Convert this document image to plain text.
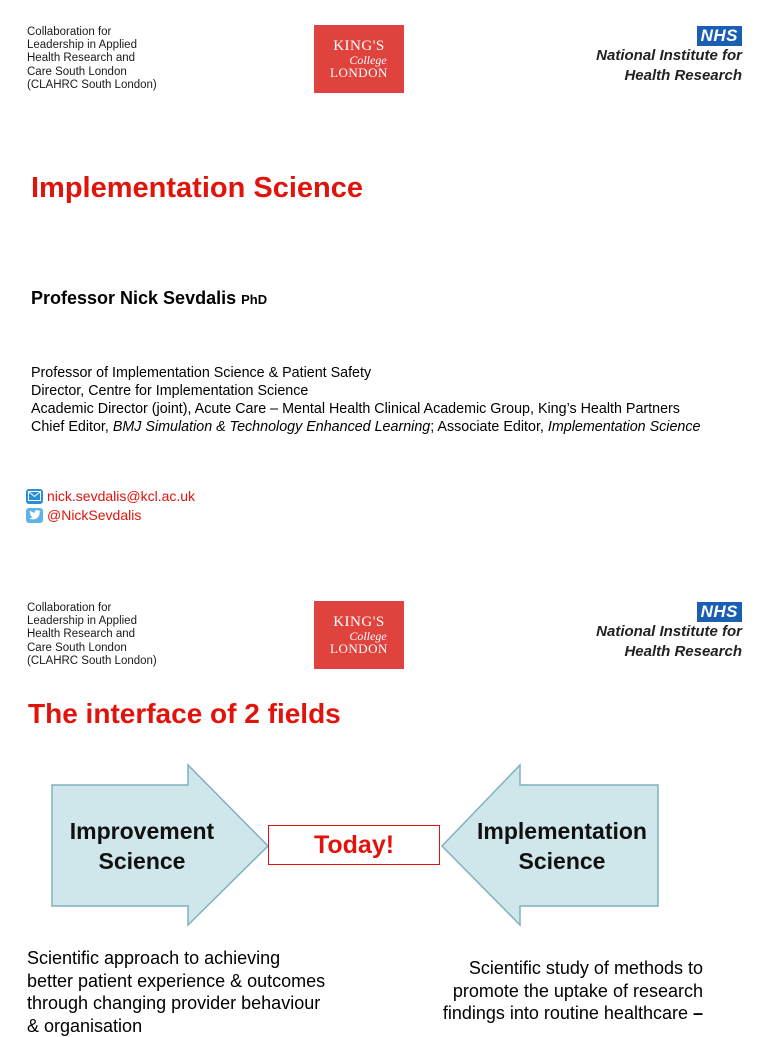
Collaboration for
Leadership in Applied
Health Research and
Care South London
(CLAHRC South London)
KING'S
College
LONDON
NHS
National Institute for
Health Research
Implementation Science
Professor Nick Sevdalis PhD
Professor of Implementation Science & Patient Safety
Director, Centre for Implementation Science
Academic Director (joint), Acute Care – Mental Health Clinical Academic Group, King’s Health Partners
Chief Editor, BMJ Simulation & Technology Enhanced Learning; Associate Editor, Implementation Science
nick.sevdalis@kcl.ac.uk
@NickSevdalis
Collaboration for
Leadership in Applied
Health Research and
Care South London
(CLAHRC South London)
KING'S
College
LONDON
NHS
National Institute for
Health Research
The interface of 2 fields
Improvement
Science
Implementation
Science
Today!
Scientific approach to achieving better patient experience & outcomes through changing provider behaviour & organisation
Scientific study of methods to promote the uptake of research findings into routine healthcare –
